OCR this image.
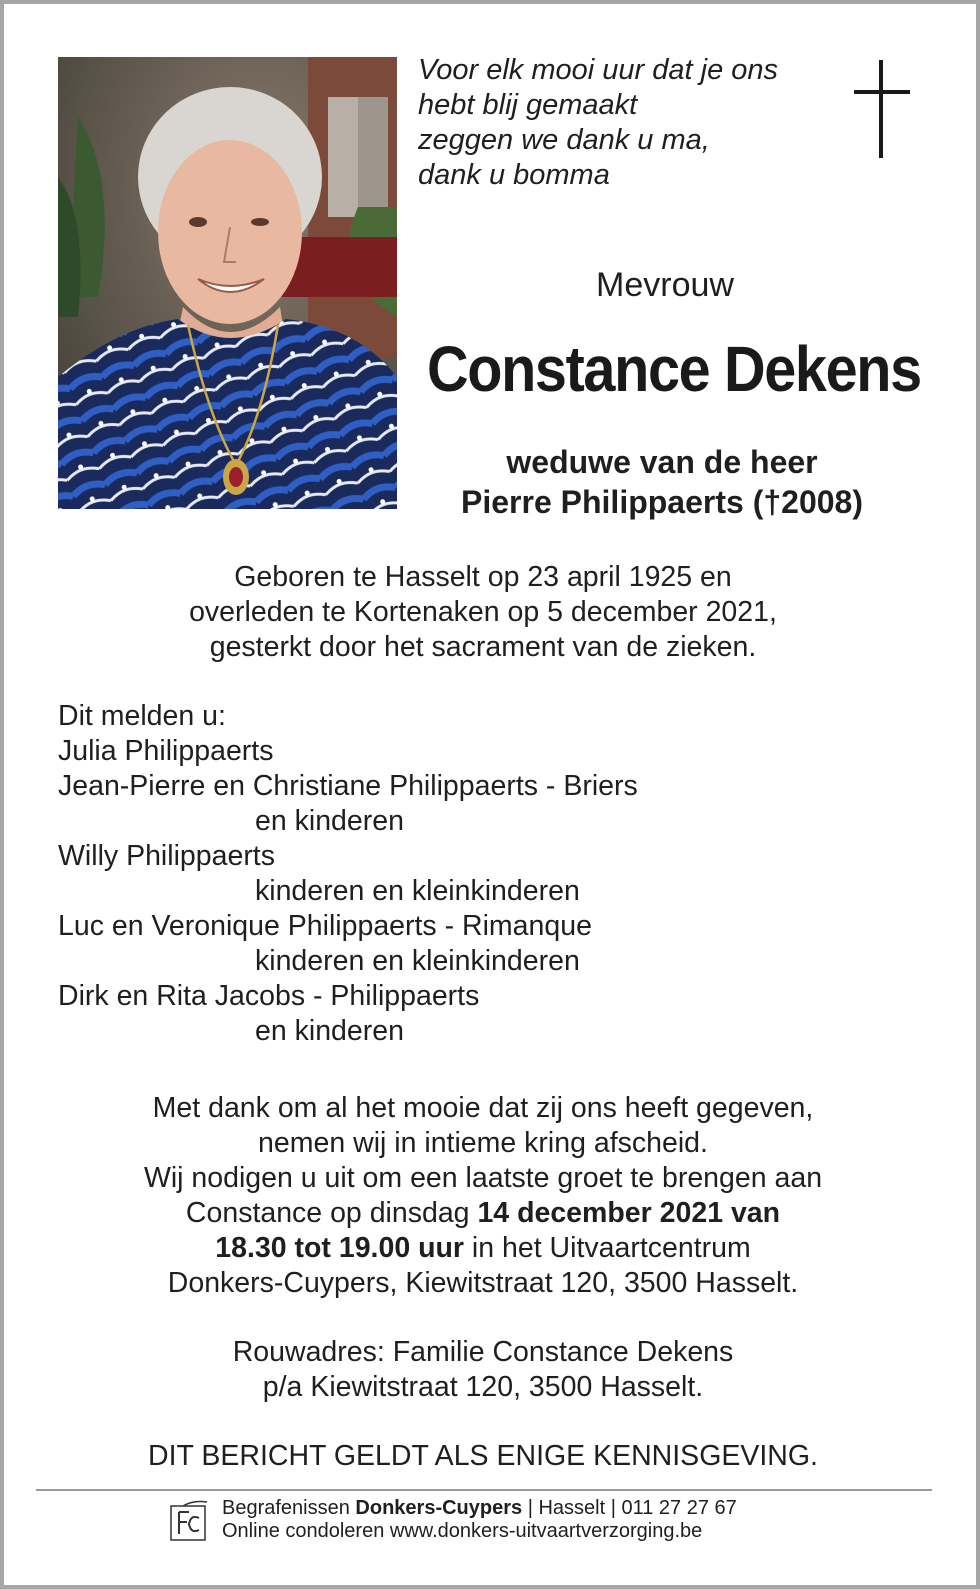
Voor elk mooi uur dat je ons
hebt blij gemaakt
zeggen we dank u ma,
dank u bomma
Mevrouw
Constance Dekens
weduwe van de heer
Pierre Philippaerts (†2008)
Geboren te Hasselt op 23 april 1925 en
overleden te Kortenaken op 5 december 2021,
gesterkt door het sacrament van de zieken.
Dit melden u:
Julia Philippaerts
Jean-Pierre en Christiane Philippaerts - Briers
en kinderen
Willy Philippaerts
kinderen en kleinkinderen
Luc en Veronique Philippaerts - Rimanque
kinderen en kleinkinderen
Dirk en Rita Jacobs - Philippaerts
en kinderen
Met dank om al het mooie dat zij ons heeft gegeven,
nemen wij in intieme kring afscheid.
Wij nodigen u uit om een laatste groet te brengen aan
Constance op dinsdag 14 december 2021 van
18.30 tot 19.00 uur in het Uitvaartcentrum
Donkers-Cuypers, Kiewitstraat 120, 3500 Hasselt.
Rouwadres: Familie Constance Dekens
p/a Kiewitstraat 120, 3500 Hasselt.
DIT BERICHT GELDT ALS ENIGE KENNISGEVING.
Begrafenissen Donkers-Cuypers | Hasselt | 011 27 27 67
Online condoleren www.donkers-uitvaartverzorging.be
